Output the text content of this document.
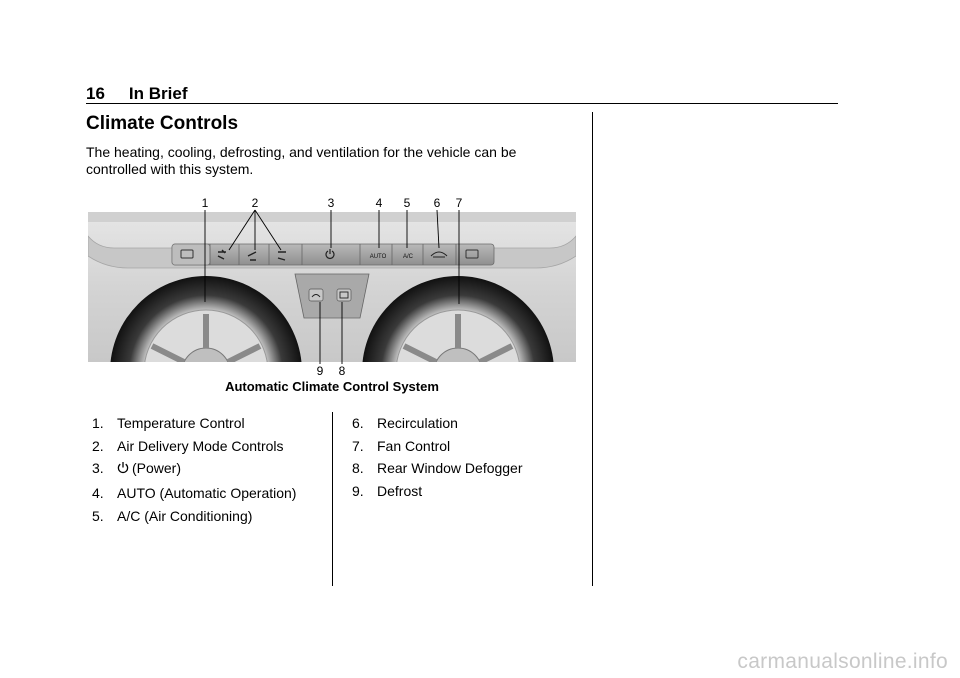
16 In Brief
Climate Controls
The heating, cooling, defrosting, and ventilation for the vehicle can be controlled with this system.
AUTO	A/C
1	2	3	4 5 6 7
9 8
Automatic Climate Control System
1. Temperature Control
2. Air Delivery Mode Controls
3. (Power)
4. AUTO (Automatic Operation)
5. A/C (Air Conditioning)
6. Recirculation
7. Fan Control
8. Rear Window Defogger
9. Defrost
carmanualsonline.info
